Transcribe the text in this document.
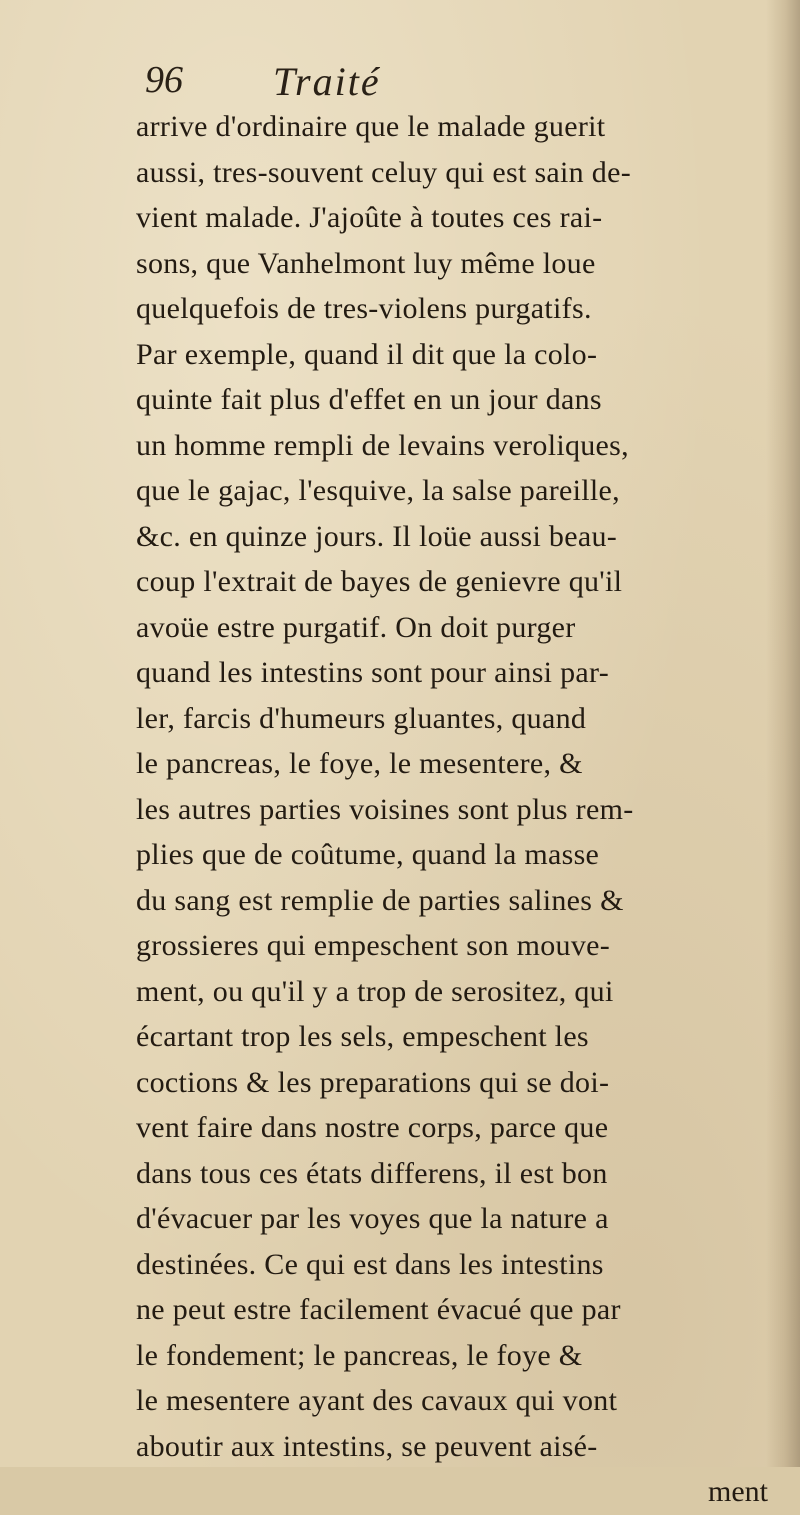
96 Traité
arrive d'ordinaire que le malade guerit
aussi, tres-souvent celuy qui est sain de-
vient malade. J'ajoûte à toutes ces rai-
sons, que Vanhelmont luy même loue
quelquefois de tres-violens purgatifs.
Par exemple, quand il dit que la colo-
quinte fait plus d'effet en un jour dans
un homme rempli de levains veroliques,
que le gajac, l'esquive, la salse pareille,
&c. en quinze jours. Il loüe aussi beau-
coup l'extrait de bayes de genievre qu'il
avoüe estre purgatif. On doit purger
quand les intestins sont pour ainsi par-
ler, farcis d'humeurs gluantes, quand
le pancreas, le foye, le mesentere, &
les autres parties voisines sont plus rem-
plies que de coûtume, quand la masse
du sang est remplie de parties salines &
grossieres qui empeschent son mouve-
ment, ou qu'il y a trop de serositez, qui
écartant trop les sels, empeschent les
coctions & les preparations qui se doi-
vent faire dans nostre corps, parce que
dans tous ces états differens, il est bon
d'évacuer par les voyes que la nature a
destinées. Ce qui est dans les intestins
ne peut estre facilement évacué que par
le fondement; le pancreas, le foye &
le mesentere ayant des cavaux qui vont
aboutir aux intestins, se peuvent aisé-
ment
